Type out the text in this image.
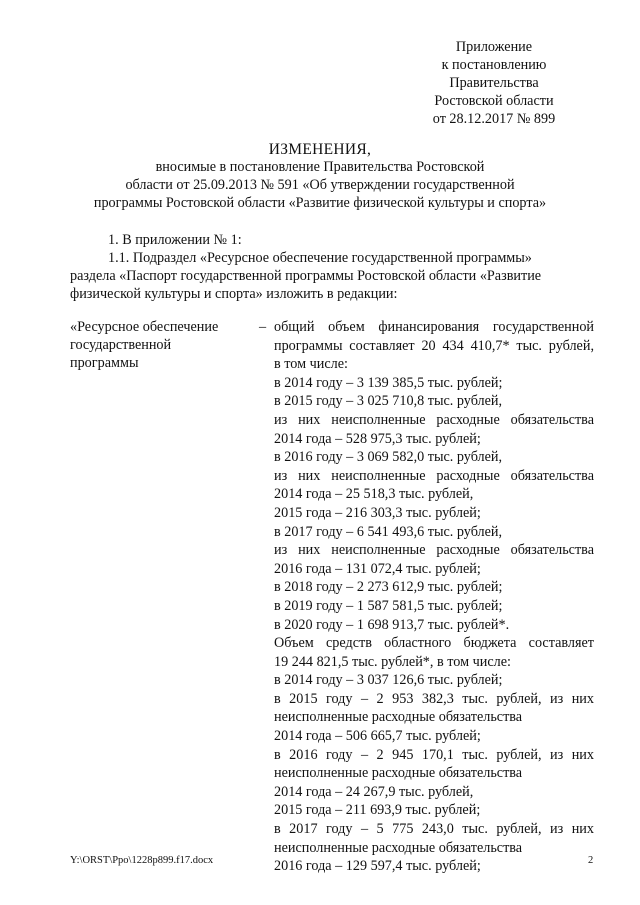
Приложение
к постановлению
Правительства
Ростовской области
от 28.12.2017 № 899
ИЗМЕНЕНИЯ,
вносимые в постановление Правительства Ростовской
области от 25.09.2013 № 591 «Об утверждении государственной
программы Ростовской области «Развитие физической культуры и спорта»
1. В приложении № 1:
1.1. Подраздел «Ресурсное обеспечение государственной программы»
раздела «Паспорт государственной программы Ростовской области «Развитие
физической культуры и спорта» изложить в редакции:
«Ресурсное обеспечение
государственной
программы
– общий объем финансирования государственной
программы составляет 20 434 410,7* тыс. рублей,
в том числе:
в 2014 году – 3 139 385,5 тыс. рублей;
в 2015 году – 3 025 710,8 тыс. рублей,
из них неисполненные расходные обязательства
2014 года – 528 975,3 тыс. рублей;
в 2016 году – 3 069 582,0 тыс. рублей,
из них неисполненные расходные обязательства
2014 года – 25 518,3 тыс. рублей,
2015 года – 216 303,3 тыс. рублей;
в 2017 году – 6 541 493,6 тыс. рублей,
из них неисполненные расходные обязательства
2016 года – 131 072,4 тыс. рублей;
в 2018 году – 2 273 612,9 тыс. рублей;
в 2019 году – 1 587 581,5 тыс. рублей;
в 2020 году – 1 698 913,7 тыс. рублей*.
Объем средств областного бюджета составляет
19 244 821,5 тыс. рублей*, в том числе:
в 2014 году – 3 037 126,6 тыс. рублей;
в 2015 году – 2 953 382,3 тыс. рублей, из них
неисполненные расходные обязательства
2014 года – 506 665,7 тыс. рублей;
в 2016 году – 2 945 170,1 тыс. рублей, из них
неисполненные расходные обязательства
2014 года – 24 267,9 тыс. рублей,
2015 года – 211 693,9 тыс. рублей;
в 2017 году – 5 775 243,0 тыс. рублей, из них
неисполненные расходные обязательства
2016 года – 129 597,4 тыс. рублей;
Y:\ORST\Ppo\1228p899.f17.docx	2
